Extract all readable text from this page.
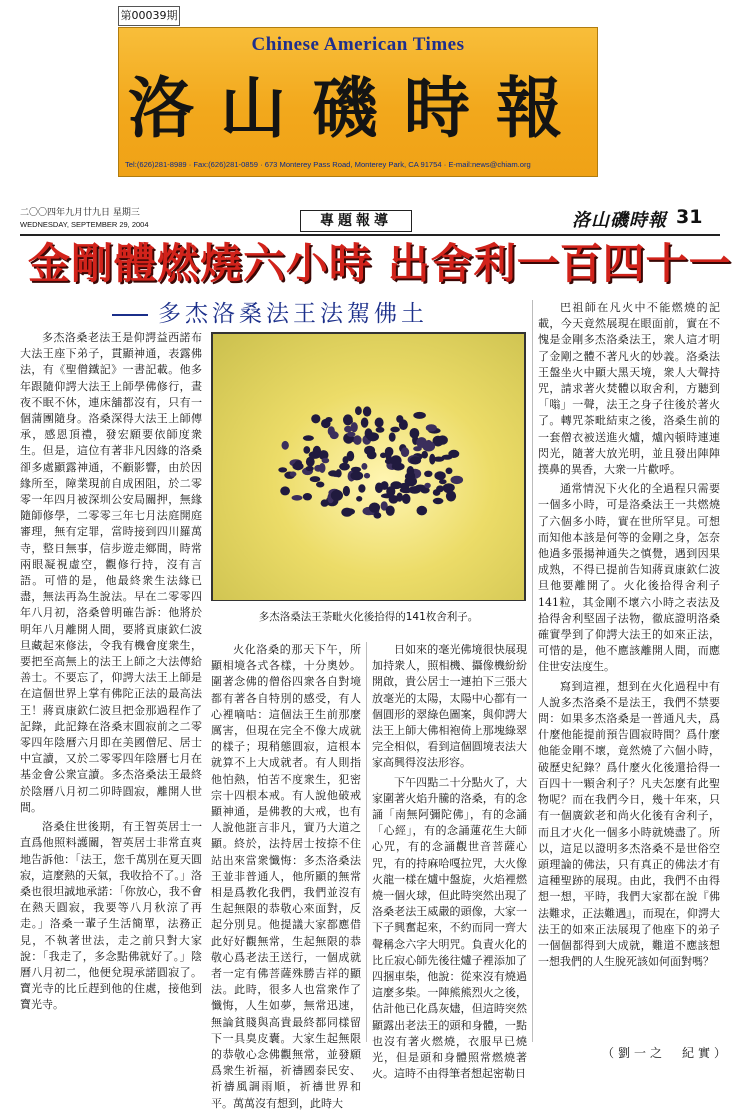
第00039期
Chinese American Times
洛山磯時報
Tel:(626)281-8989 · Fax:(626)281-0859 · 673 Monterey Pass Road, Monterey Park, CA 91754 · E-mail:news@chiam.org
二〇〇四年九月廿九日 星期三
WEDNESDAY, SEPTEMBER 29, 2004	專題報導	洛山磯時報 31
金剛體燃燒六小時 出舍利一百四十一
多杰洛桑法王法駕佛土

多杰洛桑老法王是仰諤益西諾布大法王座下弟子，貫顯神通，表露佛法，有《聖僧鐵記》一書記載。他多年跟隨仰諤大法王上師學佛修行，晝夜不眠不休，連床舖都沒有，只有一個蒲團隨身。洛桑深得大法王上師傳承，感恩頂禮，發宏願要依師度衆生。但是，這位有著非凡因緣的洛桑卻多處顯露神通，不顧影響，由於因緣所至，障業現前自成困阻，於二零零一年四月被深圳公安局關押，無緣隨師修學，二零零三年七月法庭開庭審理，無有定罪，當時接到四川羅萬寺，整日無事，信步遊走鄉間，時常兩眼凝視虛空，觀修行持，沒有言語。可惜的是，他最終衆生法緣已盡，無法再為生說法。早在二零零四年八月初，洛桑曾明確告訴：他將於明年八月離開人間，要將貢康欽仁波旦藏起來修法，令我有機會度衆生，要把至高無上的法王上師之大法傳給善士。不要忘了，仰諤大法王上師是在這個世界上掌有佛陀正法的最高法王！蔣貢康欽仁波旦把金那過程作了記錄，此記錄在洛桑末圓寂前之二零零四年陰曆六月即在美國僧尼、居士中宣讀，又於二零零四年陰曆七月在基金會公衆宣讀。多杰洛桑法王最終於陰曆八月初二卯時圓寂，離開人世間。

洛桑住世後期，有王智英居士一直爲他照料護關，智英居士非常直爽地告訴他：「法王，您千萬別在夏天圓寂，這麼熱的天氣，我收拾不了。」洛桑也很坦誠地承諾：「你放心，我不會在熱天圓寂，我要等八月秋涼了再走。」洛桑一輩子生活簡單，法務正見，不執著世法，走之前只對大家說：「我走了，多念點佛就好了。」陰曆八月初二，他便兌現承諾圓寂了。寶光寺的比丘趕到他的住處，接他到寶光寺。

多杰洛桑法王荼毗火化後拾得的141枚舍利子。

火化洛桑的那天下午，所顯相境各式各樣，十分奧妙。圍著念佛的僧俗四衆各自對境都有著各自特別的感受，有人心裡嘀咕：這個法王生前那麼厲害，但現在完全不像大成就的樣子；現稍態圓寂，這根本就算不上大成就者。有人則指他怕熱，怕苦不度衆生，犯密宗十四根本戒。有人說他破戒顯神通，是佛教的大戒，也有人說他誑言非凡，實乃大道之顯。終於，法持居士按捺不住站出來當衆懺悔：多杰洛桑法王並非普通人，他所顯的無常相是爲教化我們，我們並沒有生起無限的恭敬心來面對，反起分別見。他提議大家都應借此好好觀無常，生起無限的恭敬心爲老法王送行，一個成就者一定有佛菩薩殊勝吉祥的顯法。此時，很多人也當衆作了懺悔，人生如夢，無常迅速，無論貧賤與高貴最終都同樣留下一具臭皮囊。大家生起無限的恭敬心念佛觀無常，並發願爲衆生祈福，祈禱國泰民安、祈禱風調雨順，祈禱世界和平。萬萬沒有想到，此時大

日如來的毫光佛境很快展現加持衆人，照相機、攝像機紛紛開啟，貴公居士一連拍下三張大放毫光的太陽，太陽中心都有一個圓形的翠綠色圖案，與仰諤大法王上師大佛相袍倚上那塊綠翠完全相似，看到這個圓境表法大家高興得沒法形容。

下午四點二十分點火了，大家圍著火焰升騰的洛桑，有的念誦「南無阿彌陀佛」，有的念誦「心經」，有的念誦蓮花生大師心咒，有的念誦觀世音菩薩心咒，有的持麻哈嘎拉咒，大火像火龍一樣在爐中盤旋，火焰裡燃燒一個火球，但此時突然出現了洛桑老法王威嚴的頭像，大家一下子興奮起來，不約而同一齊大聲稱念六字大明咒。負責火化的比丘寂心師先後往爐子裡添加了四捆車柴，他說：從來沒有燒過這麼多柴。一陣熊熊烈火之後，估計他已化爲灰燼，但這時突然顯露出老法王的頭和身體，一點也沒有著火燃燒，衣服早已燒光，但是頭和身體照常燃燒著火。這時不由得筆者想起密勒日

巴祖師在凡火中不能燃燒的記載，今天竟然展現在眼面前，實在不愧是金剛多杰洛桑法王，衆人這才明了金剛之體不著凡火的妙義。洛桑法王盤坐火中顯大黑天境，衆人大聲持咒，請求著火焚體以取舍利，方聽到「嗡」一聲，法王之身子往後於著火了。轉咒茶毗結束之後，洛桑生前的一套僧衣被送進火爐，爐內頓時連連閃光，隨著大放光明，並且發出陣陣撲鼻的異香，大衆一片歡呼。

通常情況下火化的全過程只需要一個多小時，可是洛桑法王一共燃燒了六個多小時，實在世所罕見。可想而知他本該是何等的金剛之身，怎奈他過多張揚神通失之慎覺，遇到因果成熟，不得已提前告知蔣貢康欽仁波旦他要離開了。火化後拾得舍利子141粒，其金剛不壞六小時之表法及拾得舍利堅固子法物，徹底證明洛桑確實學到了仰諤大法王的如來正法，可惜的是，他不應該離開人間，而應住世安法度生。

寫到這裡，想到在火化過程中有人說多杰洛桑不是法王，我們不禁要問：如果多杰洛桑是一普通凡夫，爲什麼他能提前預告圓寂時間？爲什麼他能金剛不壞，竟然燒了六個小時，破歷史紀錄？爲什麼火化後還拾得一百四十一顆舍利子？凡夫怎麼有此聖物呢？而在我們今日，幾十年來，只有一個廣欽老和尚火化後有舍利子，而且才火化一個多小時就燒盡了。所以，這足以證明多杰洛桑不是世俗空頭理論的佛法，只有真正的佛法才有這種聖跡的展現。由此，我們不由得想一想，平時，我們大家都在說『佛法難求，正法難遇』，而現在，仰諤大法王的如來正法展現了他座下的弟子一個個都得到大成就，難道不應該想一想我們的人生脫死該如何面對嗎？

（劉一之　紀實）
